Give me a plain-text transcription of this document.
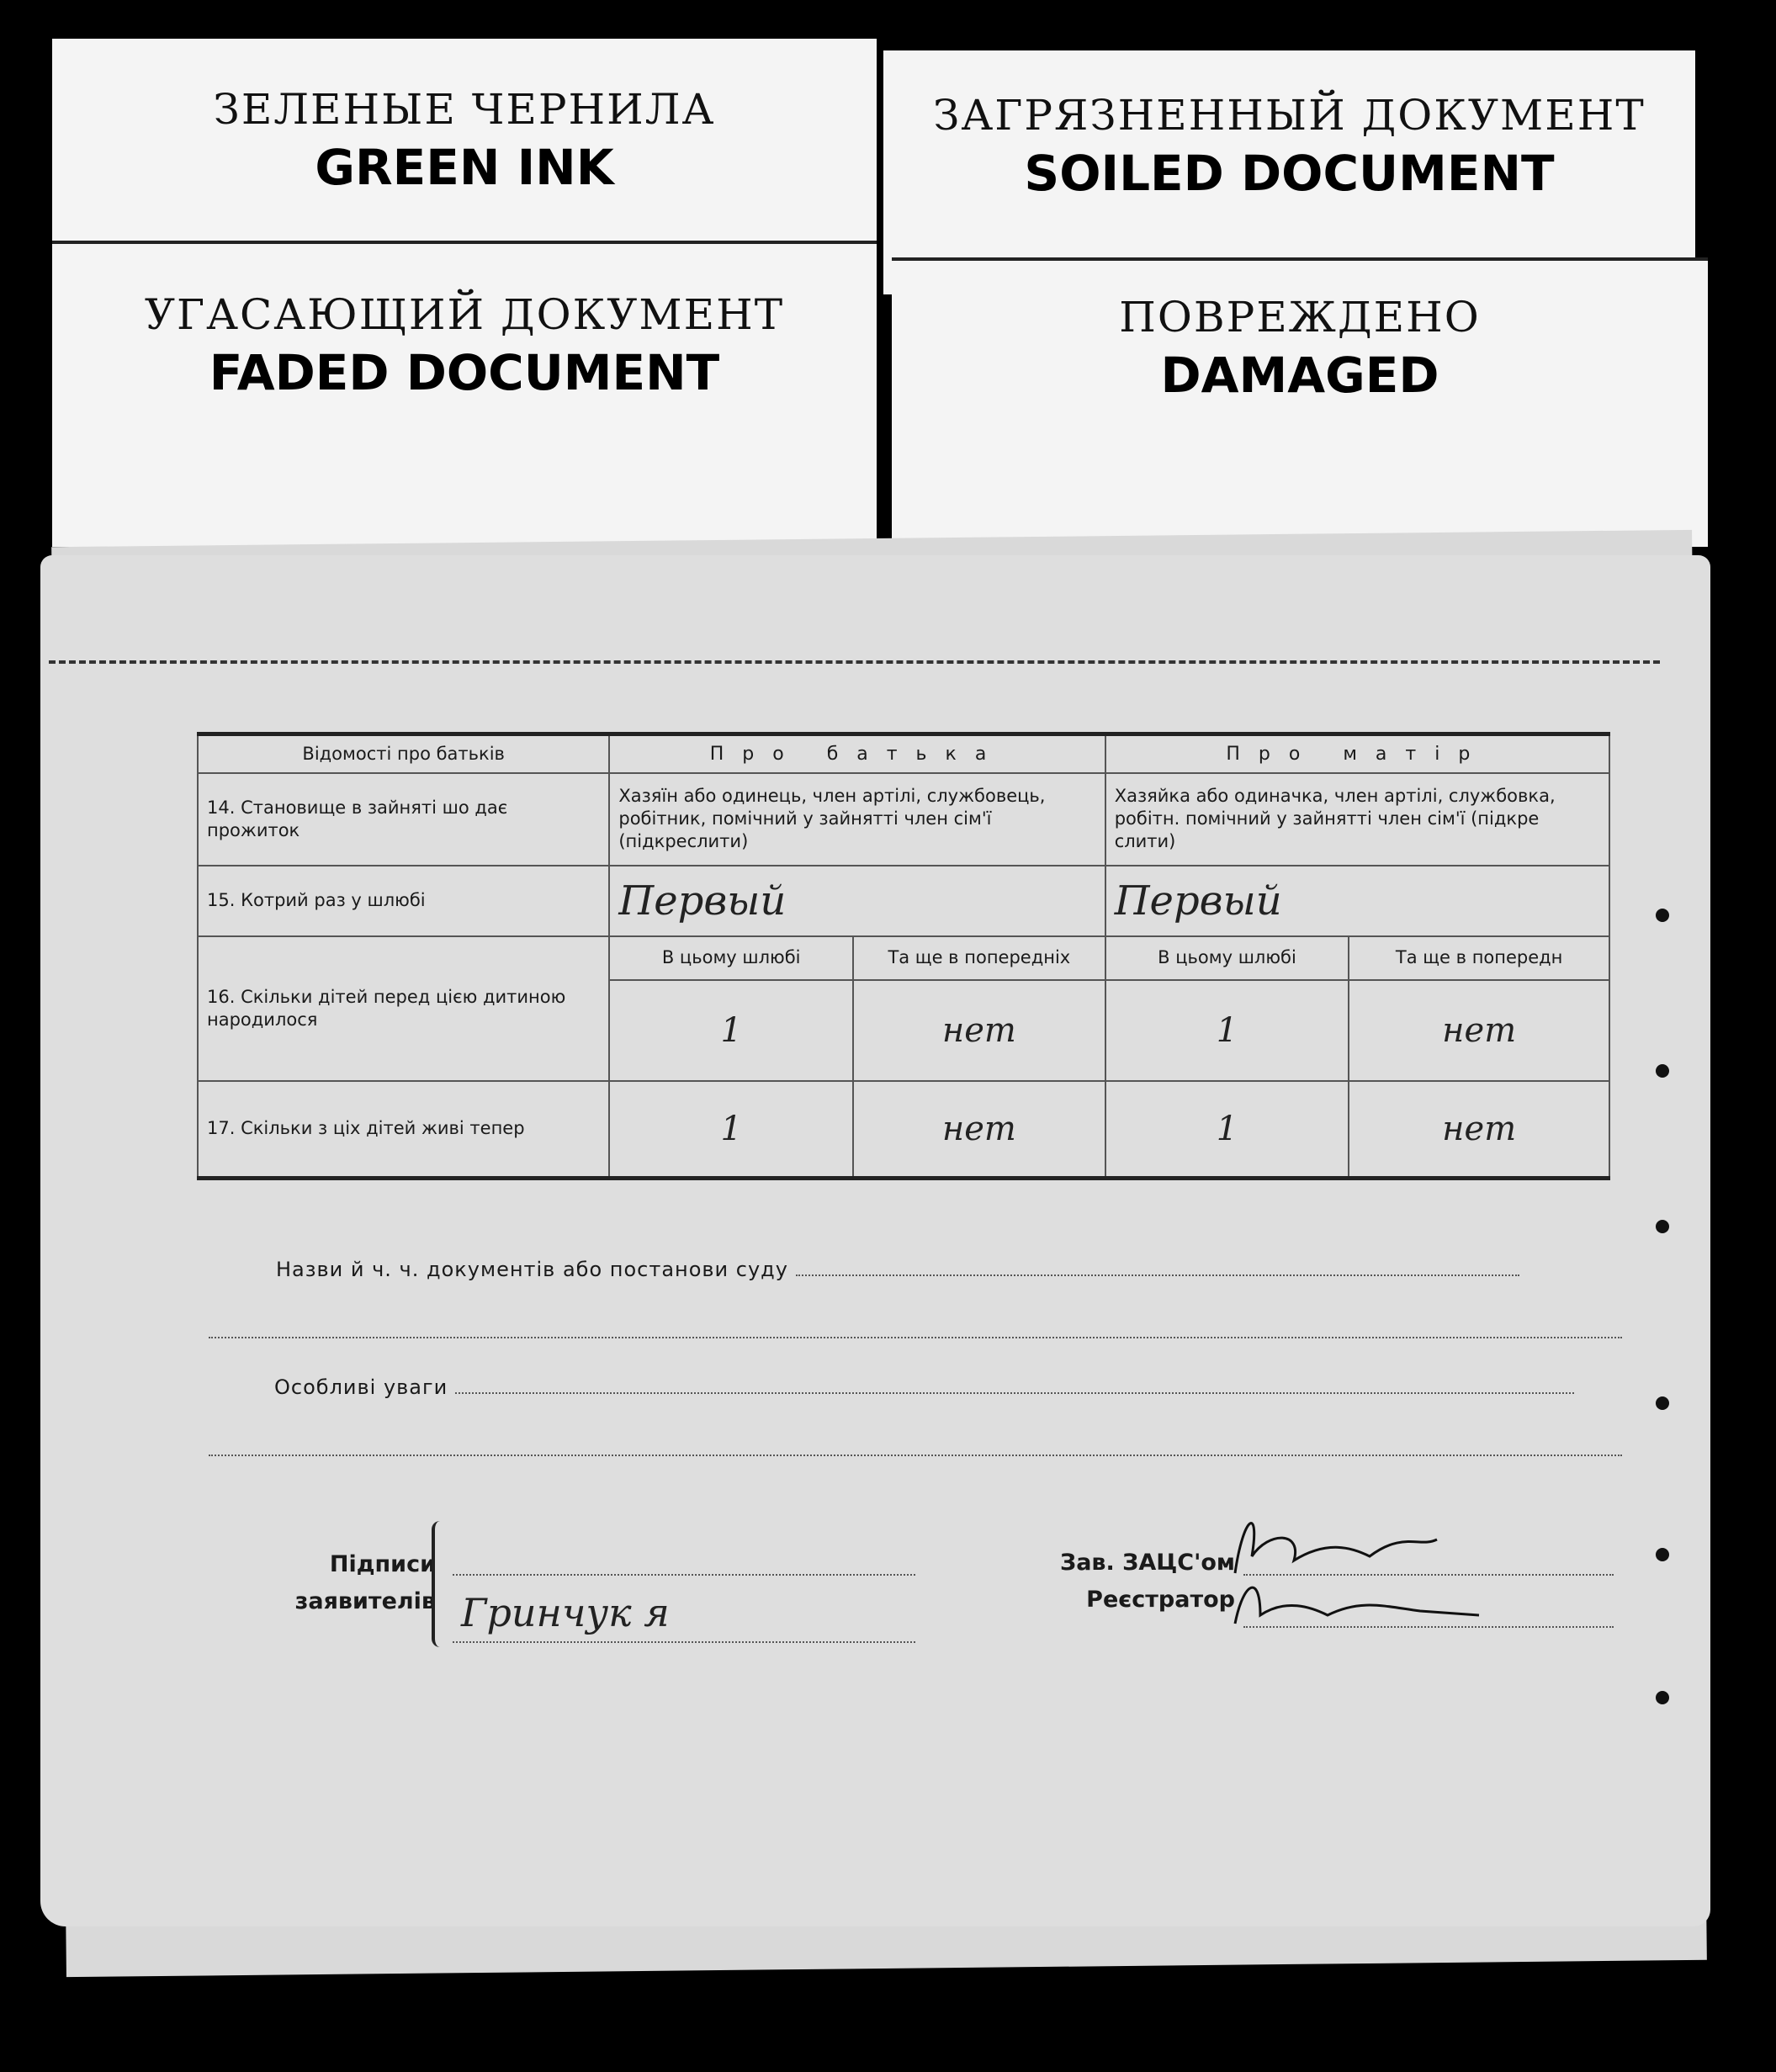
ЗЕЛЕНЫЕ ЧЕРНИЛА
GREEN INK
ЗАГРЯЗНЕННЫЙ ДОКУМЕНТ
SOILED DOCUMENT
УГАСАЮЩИЙ ДОКУМЕНТ
FADED DOCUMENT
ПОВРЕЖДЕНО
DAMAGED
Відомості про батьків	Про батька		Про матір	
14. Становище в зайняті шо дає прожиток	Хазяїн або одинець, член артілі, службовець, робітник, помічний у зайнятті член сім'ї (підкреслити)		Хазяйка або одиначка, член артілі, службовка, робітн. помічний у зайнятті член сім'ї (підкре слити)	
15. Котрий раз у шлюбі	Первый		Первый	
16. Скільки дітей перед цією дитиною народилося	В цьому шлюбі	Та ще в попередніх	В цьому шлюбі	Та ще в попередн
	1	нет	1	нет
17. Скільки з ціх дітей живі тепер	1	нет	1	нет
Назви й ч. ч. документів або постанови суду
Особливі уваги
Підписи
заявителів Гринчук я
Зав. ЗАЦС'ом
Реєстратор
